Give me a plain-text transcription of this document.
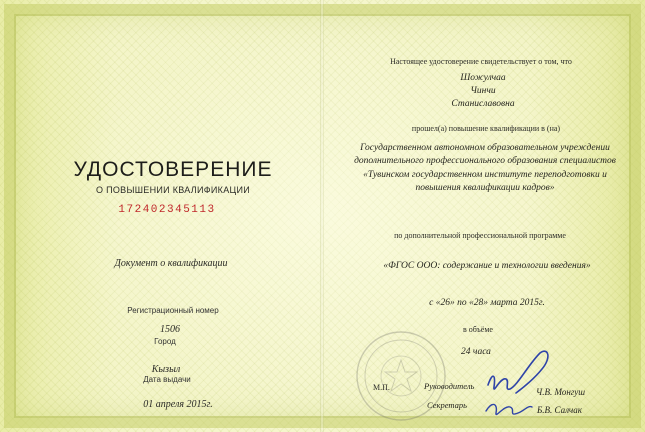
УДОСТОВЕРЕНИЕ
О ПОВЫШЕНИИ КВАЛИФИКАЦИИ
172402345113
Документ о квалификации
Регистрационный номер
1506
Город
Кызыл
Дата выдачи
01 апреля 2015г.
Настоящее удостоверение свидетельствует о том, что
Шожулчаа
Чинчи
Станиславовна
прошел(а) повышение квалификации в (на)
Государственном автономном образовательном учреждении
дополнительного профессионального образования специалистов
«Тувинском государственном институте переподготовки и
повышения квалификации кадров»
по дополнительной профессиональной программе
«ФГОС ООО: содержание и технологии введения»
с «26» по «28» марта 2015г.
в объёме
24 часа
М.П.	Руководитель
Секретарь
Ч.В. Монгуш
Б.В. Салчак
